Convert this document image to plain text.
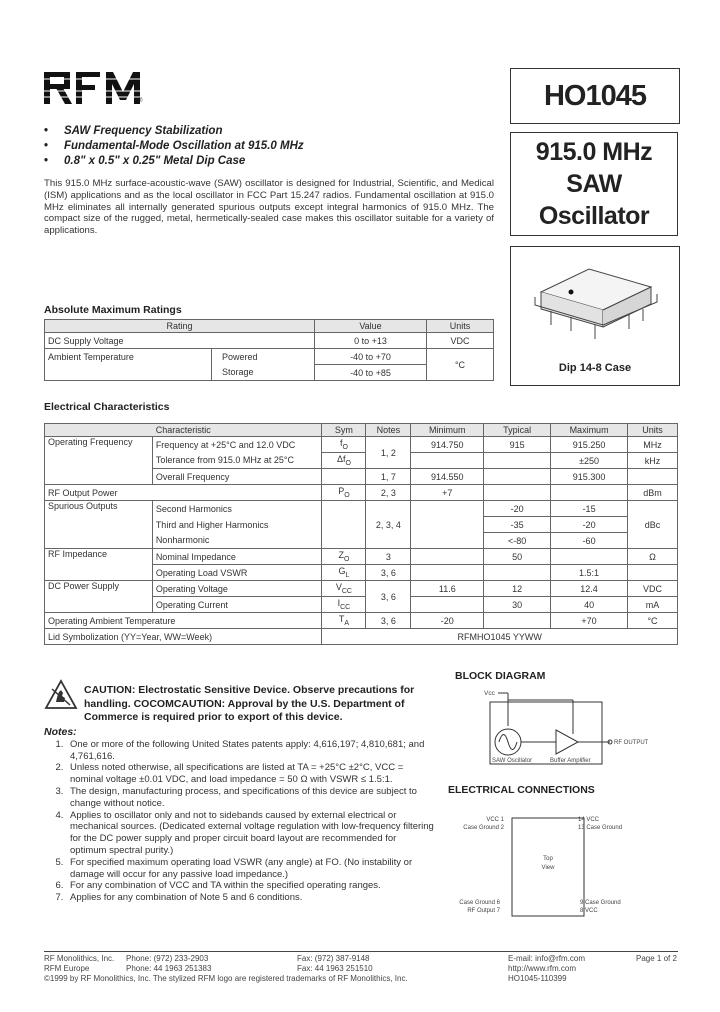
®	HO1045
915.0 MHz
SAW
Oscillator
Dip 14-8 Case
• SAW Frequency Stabilization
• Fundamental-Mode Oscillation at 915.0 MHz
• 0.8" x 0.5" x 0.25" Metal Dip Case
This 915.0 MHz surface-acoustic-wave (SAW) oscillator is designed for Industrial, Scientific, and Medical (ISM) applications and as the local oscillator in FCC Part 15.247 radios. Fundamental oscillation at 915.0 MHz eliminates all internally generated spurious outputs except integral harmonics of 915.0 MHz. The compact size of the rugged, metal, hermetically-sealed case makes this oscillator suitable for a variety of applications.
Absolute Maximum Ratings
Rating		Value	Units
DC Supply Voltage		0 to +13	VDC
Ambient Temperature	Powered	-40 to +70	°C
	Storage	-40 to +85	
Electrical Characteristics
Characteristic		Sym	Notes	Minimum	Typical	Maximum	Units
Operating Frequency	Frequency at +25°C and 12.0 VDC	$f_O$	1, 2	914.750	915	915.250	MHz
	Tolerance from 915.0 MHz at 25°C	$\Delta f_O$				±250	kHz
	Overall Frequency		1, 7	914.550		915.300	
RF Output Power		$P_O$	2, 3	+7			dBm
Spurious Outputs	Second Harmonics		2, 3, 4		-20	-15	dBc
	Third and Higher Harmonics				-35	-20	
	Nonharmonic				<-80	-60	
RF Impedance	Nominal Impedance	$Z_O$	3		50		Ω
	Operating Load VSWR	$G_L$	3, 6			1.5:1	
DC Power Supply	Operating Voltage	$V_{CC}$	3, 6	11.6	12	12.4	VDC
	Operating Current	$I_{CC}$			30	40	mA
Operating Ambient Temperature		$T_A$	3, 6	-20		+70	°C
Lid Symbolization (YY=Year, WW=Week)		RFMHO1045 YYWW					
CAUTION: Electrostatic Sensitive Device. Observe precautions for handling. COCOMCAUTION: Approval by the U.S. Department of Commerce is required prior to export of this device.
Notes:
1. One or more of the following United States patents apply: 4,616,197; 4,810,681; and 4,761,616.
2. Unless noted otherwise, all specifications are listed at TA = +25°C ±2°C, VCC = nominal voltage ±0.01 VDC, and load impedance = 50 Ω with VSWR ≤ 1.5:1.
3. The design, manufacturing process, and specifications of this device are subject to change without notice.
4. Applies to oscillator only and not to sidebands caused by external electrical or mechanical sources. (Dedicated external voltage regulation with low-frequency filtering for the DC power supply and proper circuit board layout are recommended for optimum spectral purity.)
5. For specified maximum operating load VSWR (any angle) at FO. (No instability or damage will occur for any passive load impedance.)
6. For any combination of VCC and TA within the specified operating ranges.
7. Applies for any combination of Note 5 and 6 conditions.
BLOCK DIAGRAM
Vcc
RF OUTPUT
SAW Oscillator	Buffer Amplifier
ELECTRICAL CONNECTIONS
VCC 1
Case Ground 2
14 VCC
13 Case Ground
Top
View
Case Ground 6
RF Output 7
9 Case Ground
8 VCC
RF Monolithics, Inc. Phone: (972) 233-2903	Fax: (972) 387-9148	E-mail: info@rfm.com	Page 1 of 2
RFM Europe	Phone: 44 1963 251383	Fax: 44 1963 251510	http://www.rfm.com
©1999 by RF Monolithics, Inc. The stylized RFM logo are registered trademarks of RF Monolithics, Inc.	HO1045-110399
